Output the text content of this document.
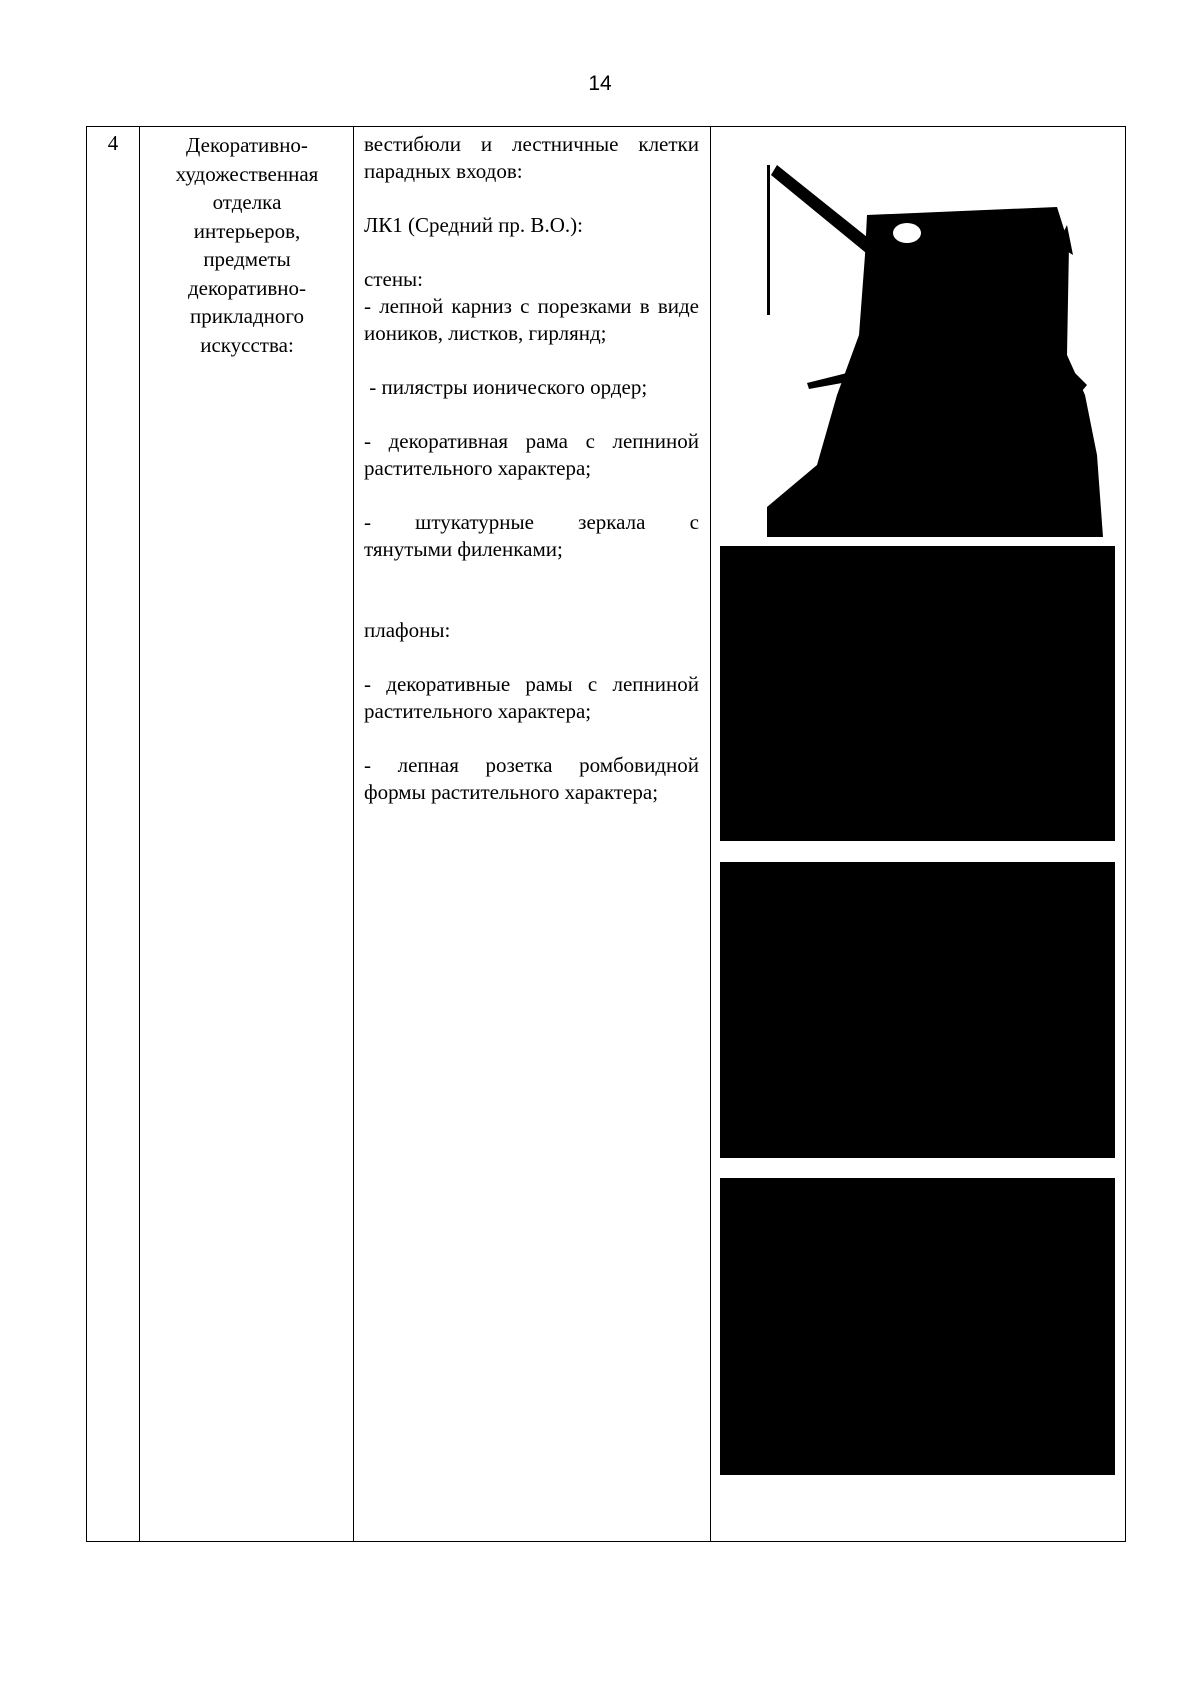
14
4	Декоративно-
художественная
отделка
интерьеров,
предметы
декоративно-
прикладного
искусства:

вестибюли и лестничные клетки парадных входов:

ЛК1 (Средний пр. В.О.):

стены:

- лепной карниз с порезками в виде иоников, листков, гирлянд;

- пилястры ионического ордер;

- декоративная рама с лепниной растительного характера;

- штукатурные зеркала с

тянутыми филенками;

плафоны:

- декоративные рамы с лепниной растительного характера;

- лепная розетка ромбовидной формы растительного характера;
